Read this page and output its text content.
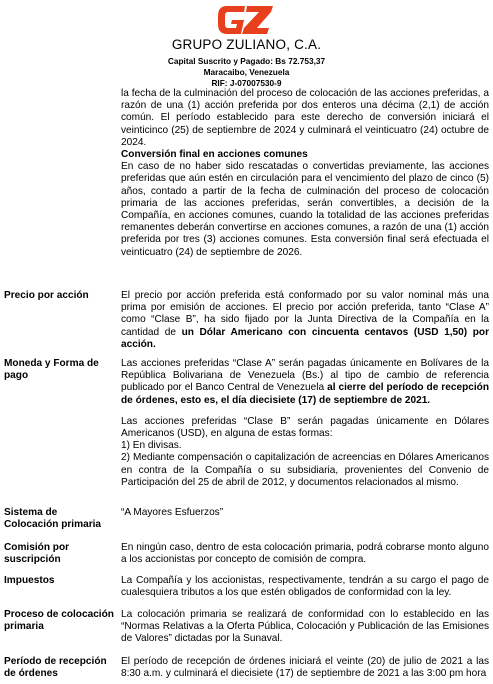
GRUPO ZULIANO, C.A.
Capital Suscrito y Pagado: Bs 72.753,37
Maracaibo, Venezuela
RIF: J-07007530-9

la fecha de la culminación del proceso de colocación de las acciones preferidas, a razón de una (1) acción preferida por dos enteros una décima (2,1) de acción común. El período establecido para este derecho de conversión iniciará el veinticinco (25) de septiembre de 2024 y culminará el veinticuatro (24) octubre de 2024.

Conversión final en acciones comunes

En caso de no haber sido rescatadas o convertidas previamente, las acciones preferidas que aún estén en circulación para el vencimiento del plazo de cinco (5) años, contado a partir de la fecha de culminación del proceso de colocación primaria de las acciones preferidas, serán convertibles, a decisión de la Compañía, en acciones comunes, cuando la totalidad de las acciones preferidas remanentes deberán convertirse en acciones comunes, a razón de una (1) acción preferida por tres (3) acciones comunes. Esta conversión final será efectuada el veinticuatro (24) de septiembre de 2026.

Precio por acción	El precio por acción preferida está conformado por su valor nominal más una prima por emisión de acciones. El precio por acción preferida, tanto “Clase A” como “Clase B”, ha sido fijado por la Junta Directiva de la Compañía en la cantidad de un Dólar Americano con cincuenta centavos (USD 1,50) por acción.

Moneda y Forma de pago

Las acciones preferidas “Clase A” serán pagadas únicamente en Bolívares de la República Bolivariana de Venezuela (Bs.) al tipo de cambio de referencia publicado por el Banco Central de Venezuela al cierre del período de recepción de órdenes, esto es, el día diecisiete (17) de septiembre de 2021.

Las acciones preferidas “Clase B” serán pagadas únicamente en Dólares Americanos (USD), en alguna de estas formas:

1) En divisas.

2) Mediante compensación o capitalización de acreencias en Dólares Americanos en contra de la Compañía o su subsidiaria, provenientes del Convenio de Participación del 25 de abril de 2012, y documentos relacionados al mismo.

Sistema de Colocación primaria
“A Mayores Esfuerzos”
Comisión por suscripción
En ningún caso, dentro de esta colocación primaria, podrá cobrarse monto alguno a los accionistas por concepto de comisión de compra.
Impuestos	La Compañía y los accionistas, respectivamente, tendrán a su cargo el pago de cualesquiera tributos a los que estén obligados de conformidad con la ley.
Proceso de colocación primaria
La colocación primaria se realizará de conformidad con lo establecido en las “Normas Relativas a la Oferta Pública, Colocación y Publicación de las Emisiones de Valores” dictadas por la Sunaval.
Período de recepción de órdenes
El período de recepción de órdenes iniciará el veinte (20) de julio de 2021 a las 8:30 a.m. y culminará el diecisiete (17) de septiembre de 2021 a las 3:00 pm hora
